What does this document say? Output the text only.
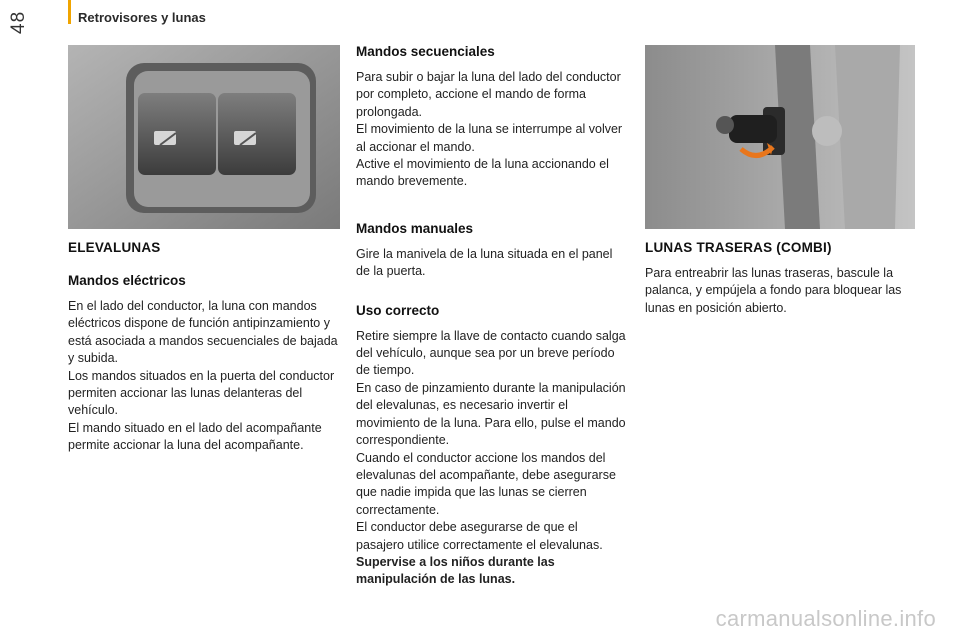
48	Retrovisores y lunas
ELEVALUNAS
Mandos eléctricos

En el lado del conductor, la luna con mandos eléctricos dispone de función antipinzamiento y está asociada a mandos secuenciales de bajada y subida.

Los mandos situados en la puerta del conductor permiten accionar las lunas delanteras del vehículo.

El mando situado en el lado del acompañante permite accionar la luna del acompañante.

Mandos secuenciales

Para subir o bajar la luna del lado del conductor por completo, accione el mando de forma prolongada.

El movimiento de la luna se interrumpe al volver al accionar el mando.

Active el movimiento de la luna accionando el mando brevemente.

Mandos manuales

Gire la manivela de la luna situada en el panel de la puerta.

Uso correcto

Retire siempre la llave de contacto cuando salga del vehículo, aunque sea por un breve período de tiempo.

En caso de pinzamiento durante la manipulación del elevalunas, es necesario invertir el movimiento de la luna. Para ello, pulse el mando correspondiente.

Cuando el conductor accione los mandos del elevalunas del acompañante, debe asegurarse que nadie impida que las lunas se cierren correctamente.

El conductor debe asegurarse de que el pasajero utilice correctamente el elevalunas.

Supervise a los niños durante las manipulación de las lunas.

LUNAS TRASERAS (COMBI)

Para entreabrir las lunas traseras, bascule la palanca, y empújela a fondo para bloquear las lunas en posición abierto.

carmanualsonline.info
